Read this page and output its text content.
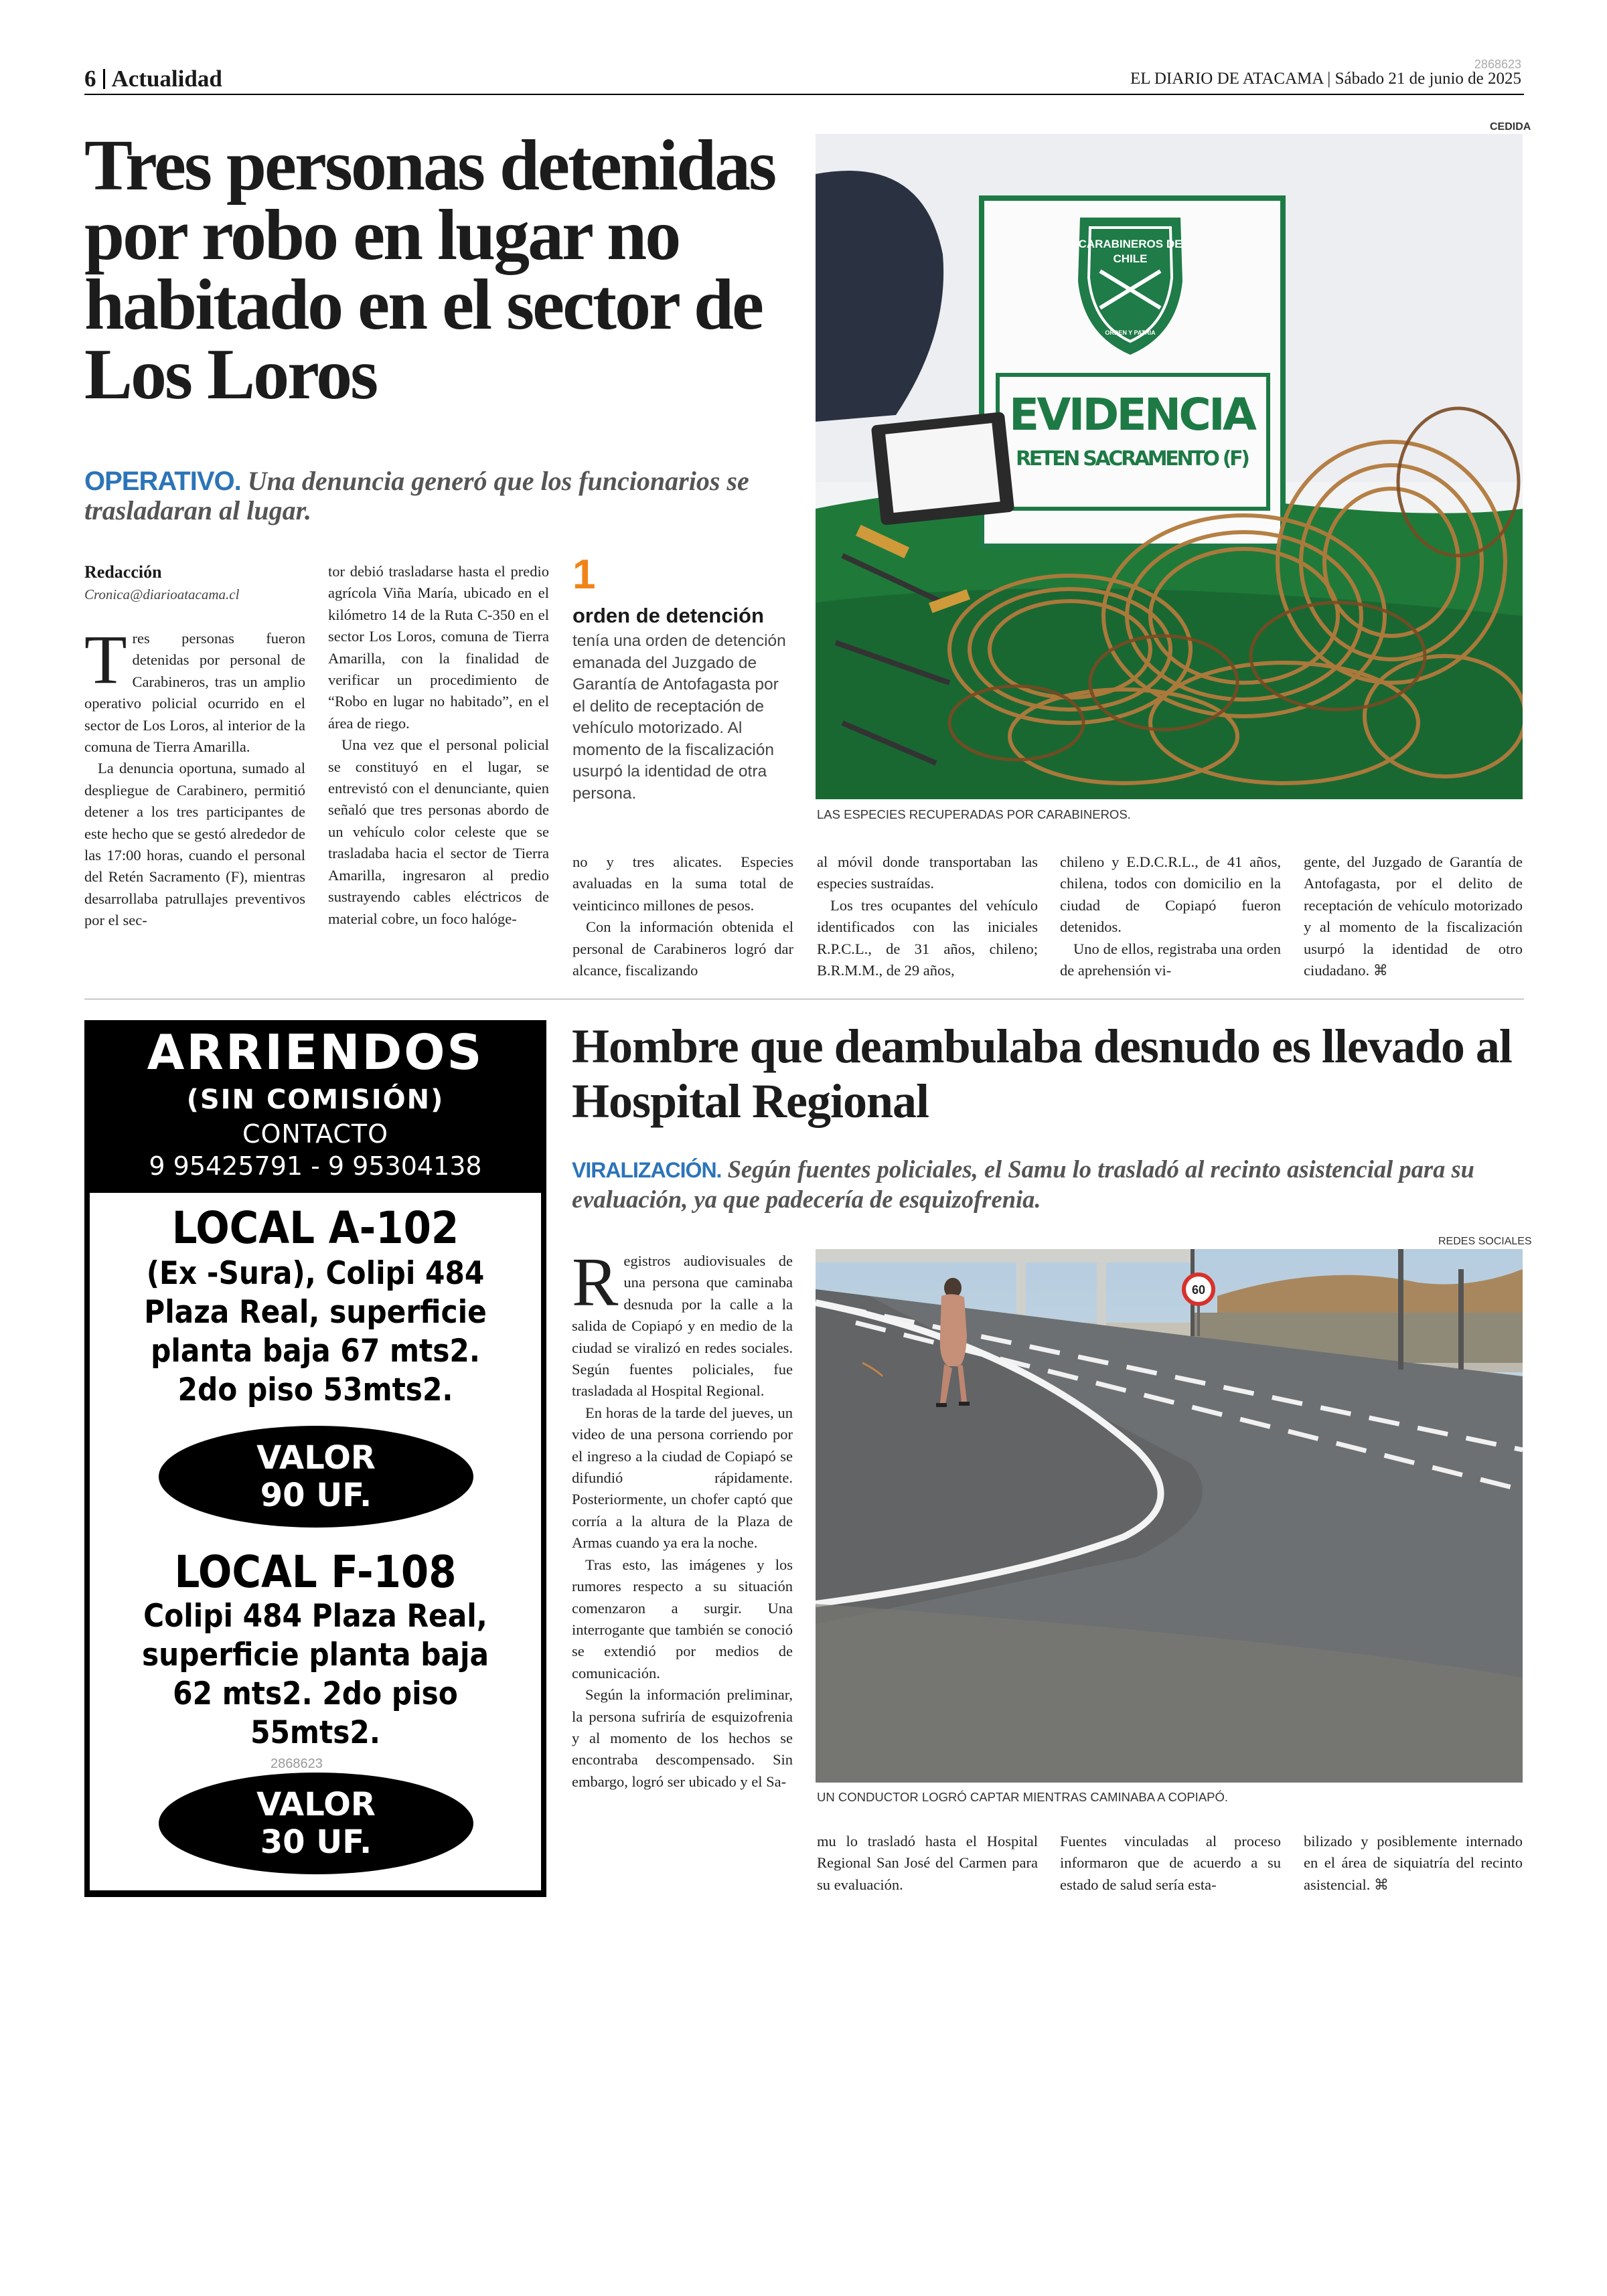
6 Actualidad
2868623
EL DIARIO DE ATACAMA | Sábado 21 de junio de 2025
Tres personas detenidas por robo en lugar no habitado en el sector de Los Loros
OPERATIVO. Una denuncia generó que los funcionarios se trasladaran al lugar.
Redacción
Cronica@diarioatacama.cl

Tres personas fueron detenidas por personal de Carabineros, tras un amplio operativo policial ocurrido en el sector de Los Loros, al interior de la comuna de Tierra Amarilla.

La denuncia oportuna, sumado al despliegue de Carabinero, permitió detener a los tres participantes de este hecho que se gestó alrededor de las 17:00 horas, cuando el personal del Retén Sacramento (F), mientras desarrollaba patrullajes preventivos por el sec-

tor debió trasladarse hasta el predio agrícola Viña María, ubicado en el kilómetro 14 de la Ruta C-350 en el sector Los Loros, comuna de Tierra Amarilla, con la finalidad de verificar un procedimiento de “Robo en lugar no habitado”, en el área de riego.

Una vez que el personal policial se constituyó en el lugar, se entrevistó con el denunciante, quien señaló que tres personas abordo de un vehículo color celeste que se trasladaba hacia el sector de Tierra Amarilla, ingresaron al predio sustrayendo cables eléctricos de material cobre, un foco halóge-

1
orden de detención
tenía una orden de detención emanada del Juzgado de Garantía de Antofagasta por el delito de receptación de vehículo motorizado. Al momento de la fiscalización usurpó la identidad de otra persona.

no y tres alicates. Especies avaluadas en la suma total de veinticinco millones de pesos.

Con la información obtenida el personal de Carabineros logró dar alcance, fiscalizando

al móvil donde transportaban las especies sustraídas.

Los tres ocupantes del vehículo identificados con las iniciales R.P.C.L., de 31 años, chileno; B.R.M.M., de 29 años,

chileno y E.D.C.R.L., de 41 años, chilena, todos con domicilio en la ciudad de Copiapó fueron detenidos.

Uno de ellos, registraba una orden de aprehensión vi-

gente, del Juzgado de Garantía de Antofagasta, por el delito de receptación de vehículo motorizado y al momento de la fiscalización usurpó la identidad de otro ciudadano. ⌘

CEDIDA
CARABINEROS DE
CHILE
ORDEN Y PATRIA
EVIDENCIA
RETEN SACRAMENTO (F)
LAS ESPECIES RECUPERADAS POR CARABINEROS.
ARRIENDOS
(SIN COMISIÓN)
CONTACTO
9 95425791 - 9 95304138
LOCAL A-102
(Ex -Sura), Colipi 484
Plaza Real, superficie
planta baja 67 mts2.
2do piso 53mts2.
VALOR
90 UF.
LOCAL F-108
Colipi 484 Plaza Real,
superficie planta baja
62 mts2. 2do piso
55mts2.
2868623
VALOR
30 UF.
Hombre que deambulaba desnudo es llevado al Hospital Regional
VIRALIZACIÓN. Según fuentes policiales, el Samu lo trasladó al recinto asistencial para su evaluación, ya que padecería de esquizofrenia.

Registros audiovisuales de una persona que caminaba desnuda por la calle a la salida de Copiapó y en medio de la ciudad se viralizó en redes sociales. Según fuentes policiales, fue trasladada al Hospital Regional.

En horas de la tarde del jueves, un video de una persona corriendo por el ingreso a la ciudad de Copiapó se difundió rápidamente. Posteriormente, un chofer captó que corría a la altura de la Plaza de Armas cuando ya era la noche.

Tras esto, las imágenes y los rumores respecto a su situación comenzaron a surgir. Una interrogante que también se conoció se extendió por medios de comunicación.

Según la información preliminar, la persona sufriría de esquizofrenia y al momento de los hechos se encontraba descompensado. Sin embargo, logró ser ubicado y el Sa-

REDES SOCIALES
60
UN CONDUCTOR LOGRÓ CAPTAR MIENTRAS CAMINABA A COPIAPÓ.

mu lo trasladó hasta el Hospital Regional San José del Carmen para su evaluación.

Fuentes vinculadas al proceso informaron que de acuerdo a su estado de salud sería esta-

bilizado y posiblemente internado en el área de siquiatría del recinto asistencial. ⌘
